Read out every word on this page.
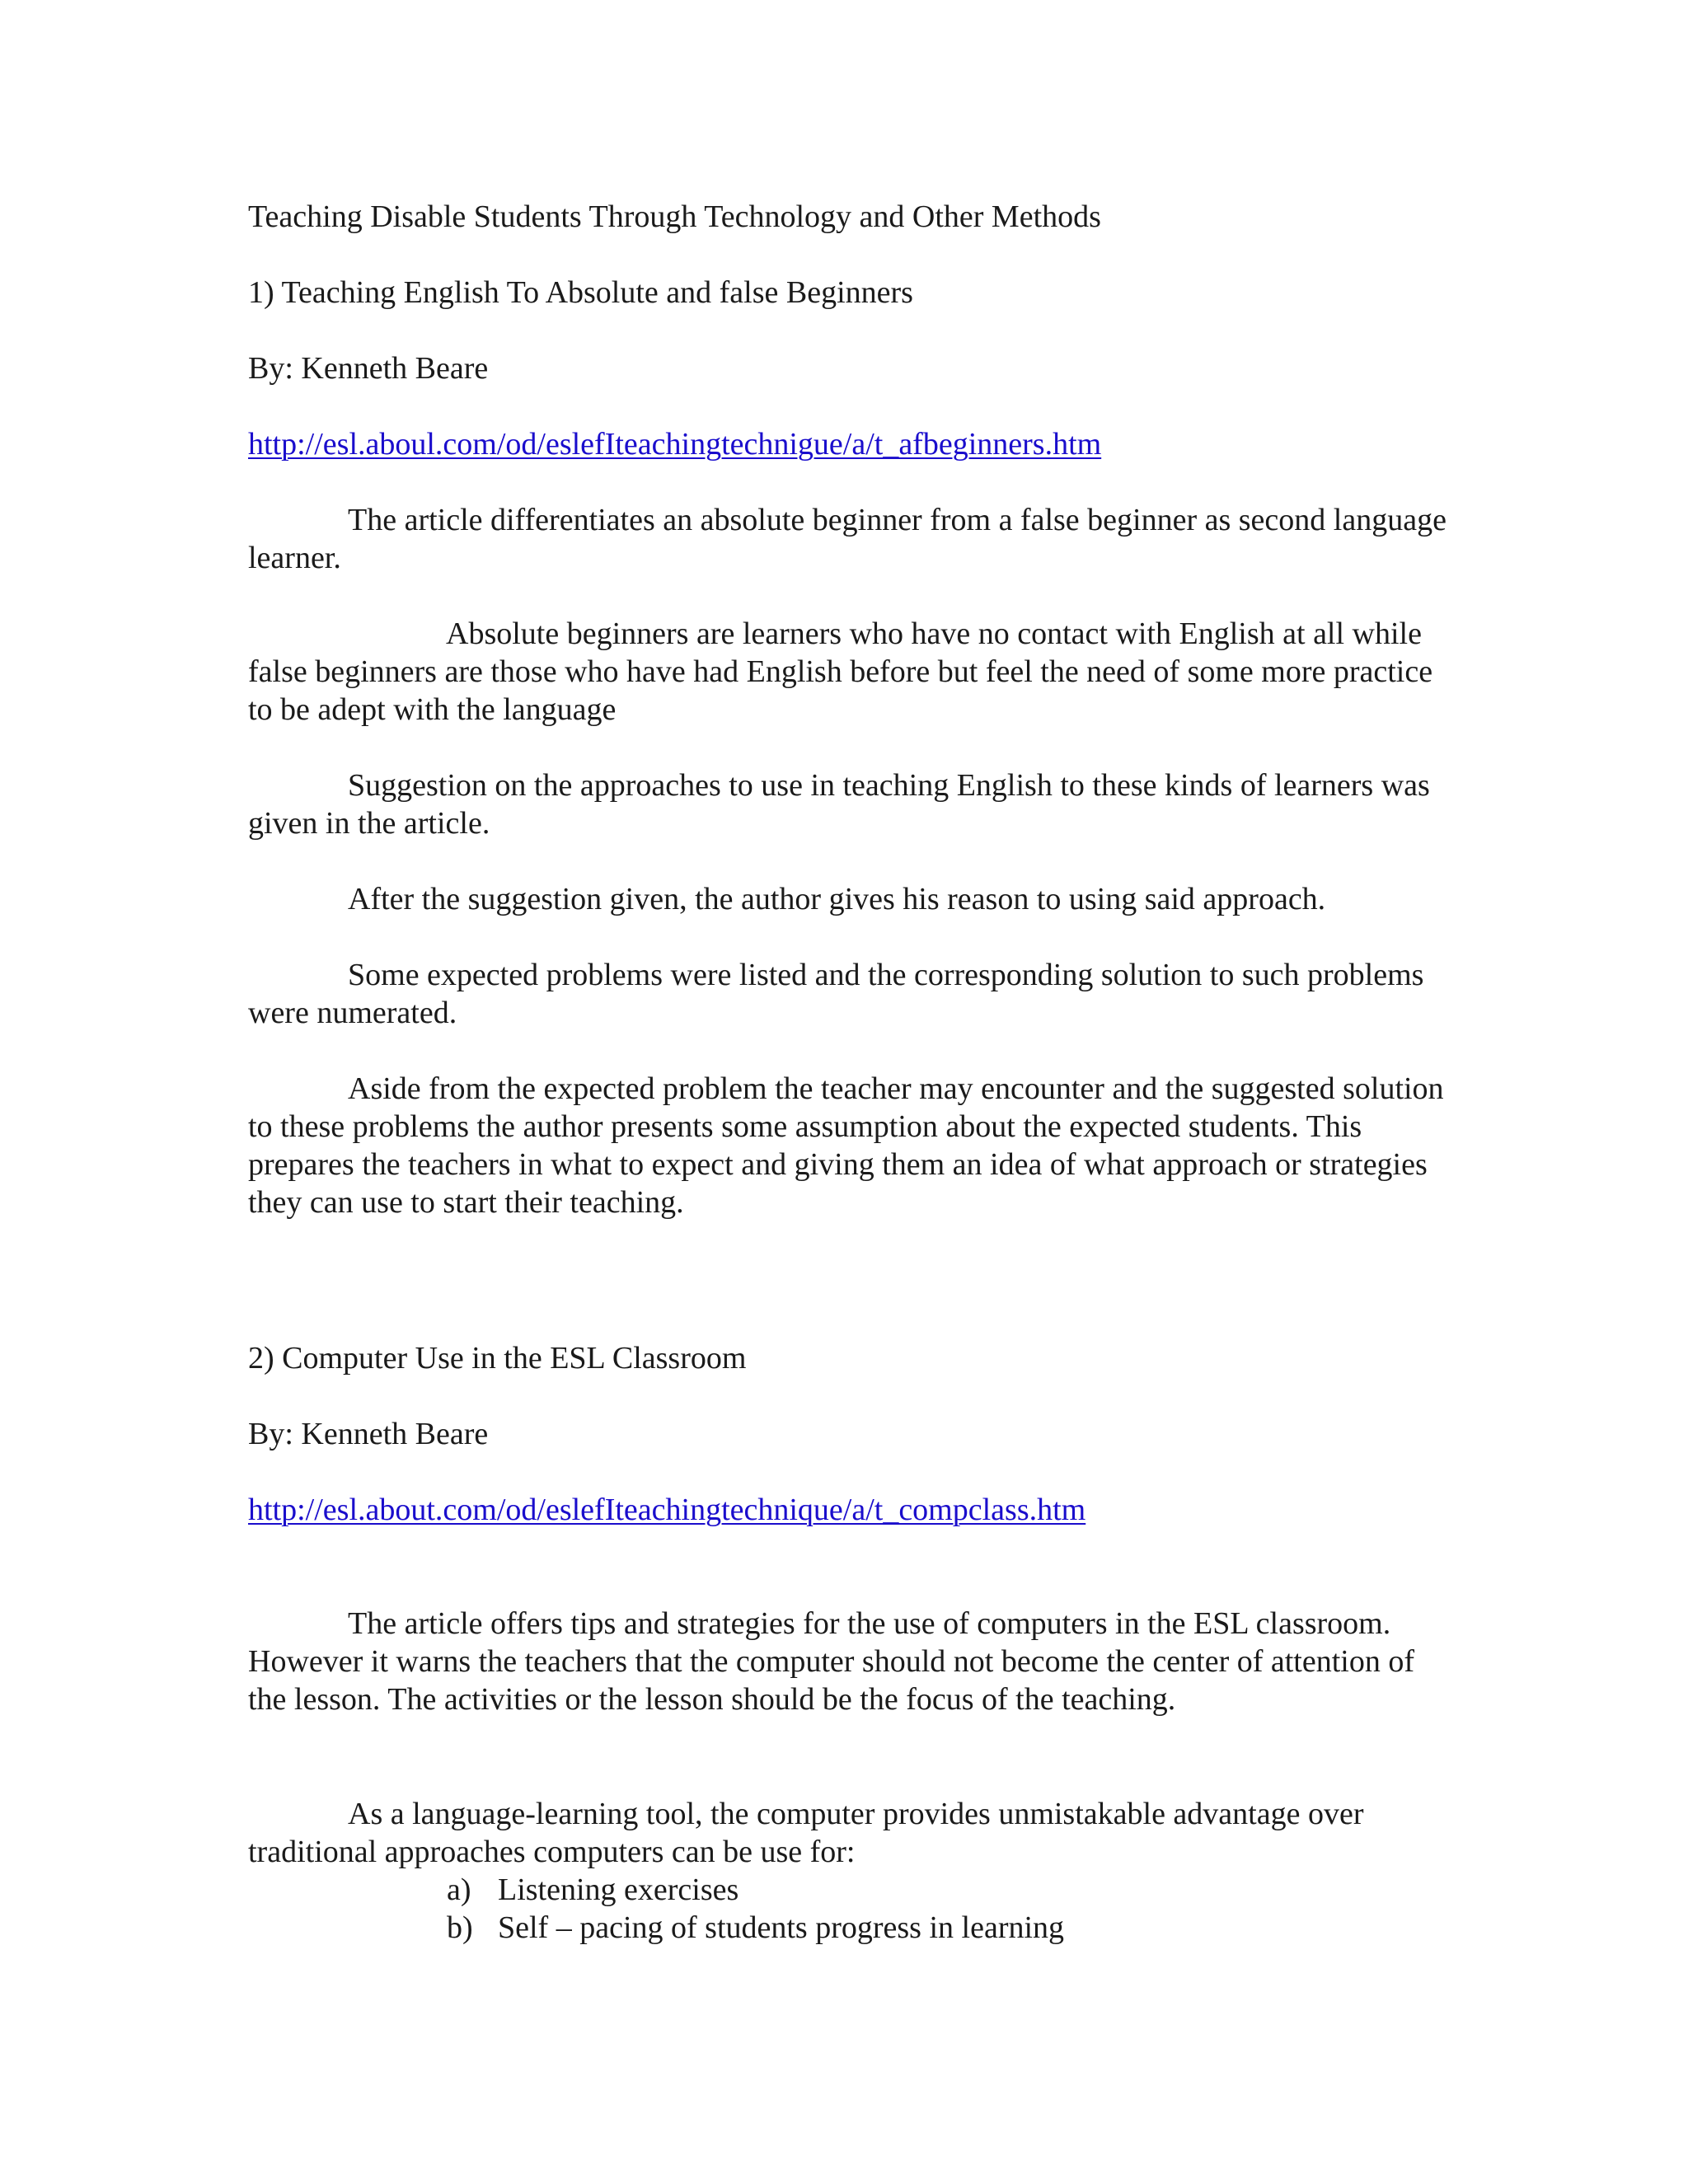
Teaching Disable Students Through Technology and Other Methods
1) Teaching English To Absolute and false Beginners
By: Kenneth Beare
http://esl.aboul.com/od/eslefIteachingtechnigue/a/t_afbeginners.htm

The article differentiates an absolute beginner from a false beginner as second language learner.

Absolute beginners are learners who have no contact with English at all while false beginners are those who have had English before but feel the need of some more practice to be adept with the language

Suggestion on the approaches to use in teaching English to these kinds of learners was given in the article.

After the suggestion given, the author gives his reason to using said approach.

Some expected problems were listed and the corresponding solution to such problems were numerated.

Aside from the expected problem the teacher may encounter and the suggested solution to these problems the author presents some assumption about the expected students. This prepares the teachers in what to expect and giving them an idea of what approach or strategies they can use to start their teaching.

2) Computer Use in the ESL Classroom
By: Kenneth Beare
http://esl.about.com/od/eslefIteachingtechnique/a/t_compclass.htm

The article offers tips and strategies for the use of computers in the ESL classroom. However it warns the teachers that the computer should not become the center of attention of the lesson. The activities or the lesson should be the focus of the teaching.

As a language-learning tool, the computer provides unmistakable advantage over traditional approaches computers can be use for:

a) Listening exercises
b) Self – pacing of students progress in learning
